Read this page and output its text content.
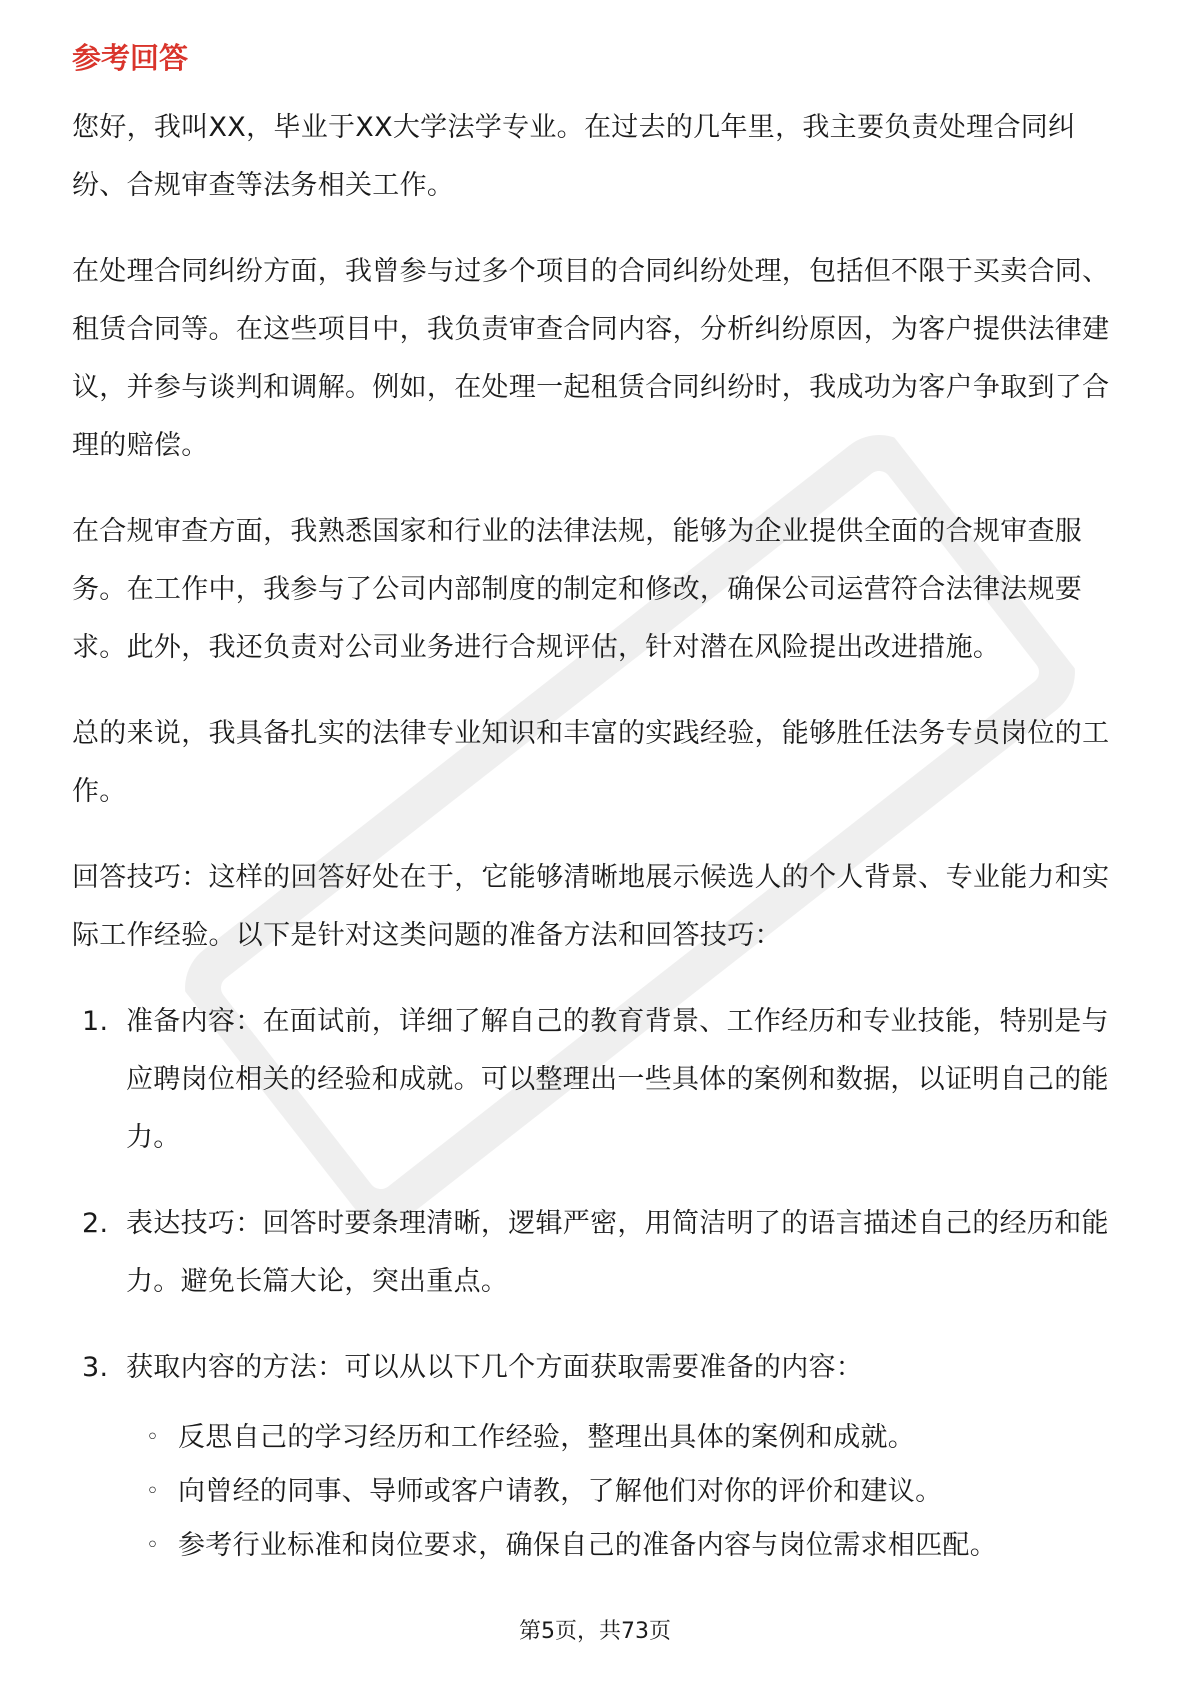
参考回答

您好，我叫XX，毕业于XX大学法学专业。在过去的几年里，我主要负责处理合同纠纷、合规审查等法务相关工作。

在处理合同纠纷方面，我曾参与过多个项目的合同纠纷处理，包括但不限于买卖合同、租赁合同等。在这些项目中，我负责审查合同内容，分析纠纷原因，为客户提供法律建议，并参与谈判和调解。例如，在处理一起租赁合同纠纷时，我成功为客户争取到了合理的赔偿。

在合规审查方面，我熟悉国家和行业的法律法规，能够为企业提供全面的合规审查服务。在工作中，我参与了公司内部制度的制定和修改，确保公司运营符合法律法规要求。此外，我还负责对公司业务进行合规评估，针对潜在风险提出改进措施。

总的来说，我具备扎实的法律专业知识和丰富的实践经验，能够胜任法务专员岗位的工作。

回答技巧：这样的回答好处在于，它能够清晰地展示候选人的个人背景、专业能力和实际工作经验。以下是针对这类问题的准备方法和回答技巧：

1. 准备内容：在面试前，详细了解自己的教育背景、工作经历和专业技能，特别是与应聘岗位相关的经验和成就。可以整理出一些具体的案例和数据，以证明自己的能力。
2. 表达技巧：回答时要条理清晰，逻辑严密，用简洁明了的语言描述自己的经历和能力。避免长篇大论，突出重点。
3. 获取内容的方法：可以从以下几个方面获取需要准备的内容：
◦ 反思自己的学习经历和工作经验，整理出具体的案例和成就。
◦ 向曾经的同事、导师或客户请教，了解他们对你的评价和建议。
◦ 参考行业标准和岗位要求，确保自己的准备内容与岗位需求相匹配。
第5页，共73页
